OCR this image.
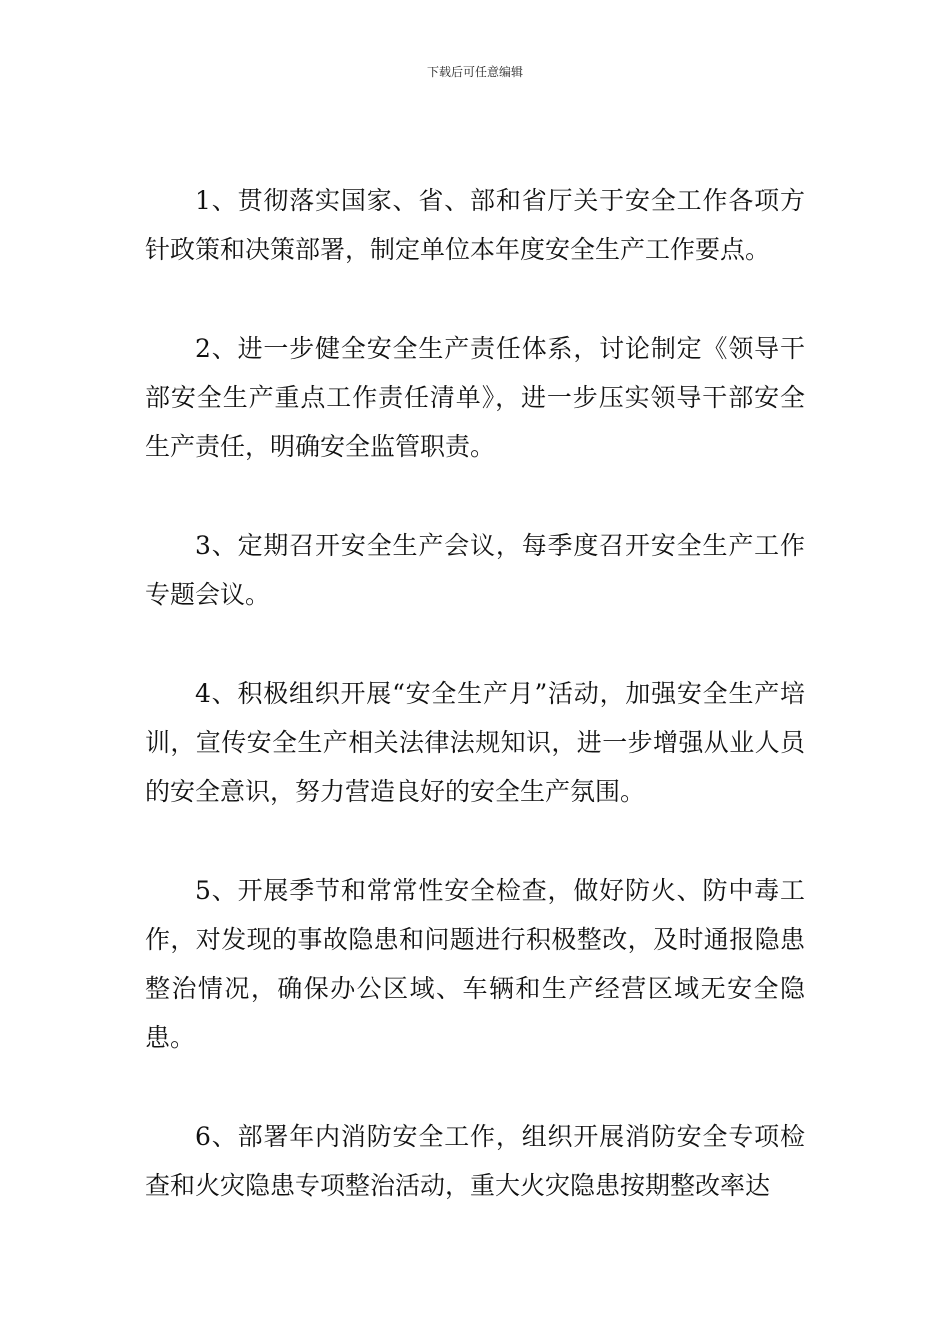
下载后可任意编辑

1、贯彻落实国家、省、部和省厅关于安全工作各项方针政策和决策部署，制定单位本年度安全生产工作要点。

2、进一步健全安全生产责任体系，讨论制定《领导干部安全生产重点工作责任清单》，进一步压实领导干部安全生产责任，明确安全监管职责。

3、定期召开安全生产会议，每季度召开安全生产工作专题会议。

4、积极组织开展“安全生产月”活动，加强安全生产培训，宣传安全生产相关法律法规知识，进一步增强从业人员的安全意识，努力营造良好的安全生产氛围。

5、开展季节和常常性安全检查，做好防火、防中毒工作，对发现的事故隐患和问题进行积极整改，及时通报隐患整治情况，确保办公区域、车辆和生产经营区域无安全隐患。

6、部署年内消防安全工作，组织开展消防安全专项检查和火灾隐患专项整治活动，重大火灾隐患按期整改率达
